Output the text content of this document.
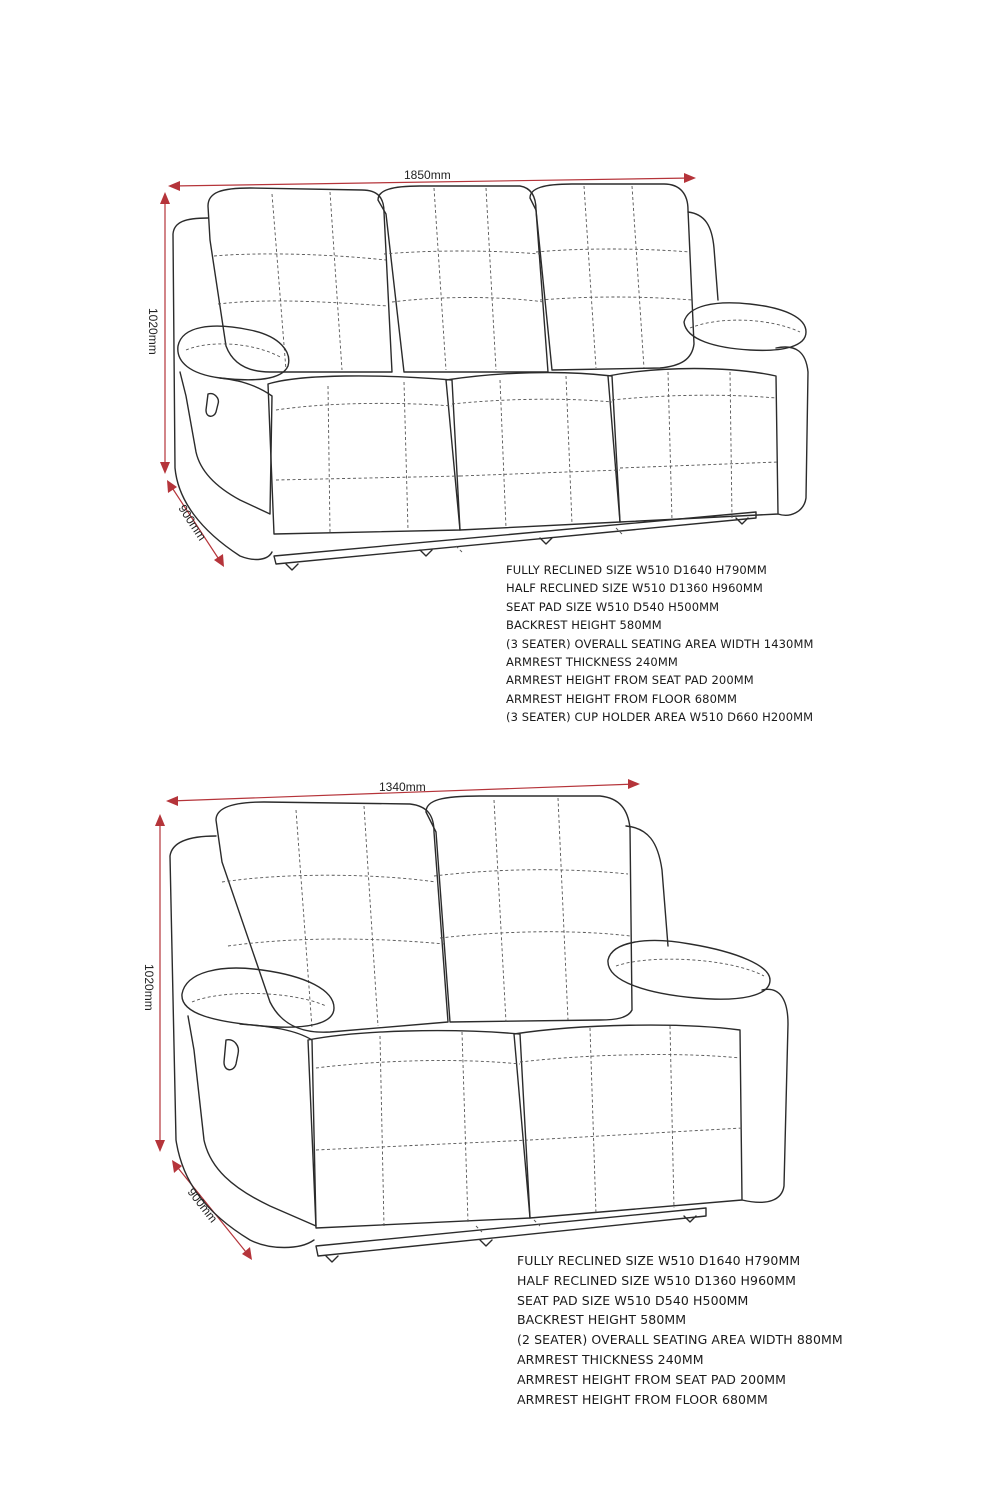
1850mm
1020mm
900mm
1340mm
1020mm
900mm
FULLY RECLINED SIZE W510 D1640 H790MM
HALF RECLINED SIZE W510 D1360 H960MM
SEAT PAD SIZE W510 D540 H500MM
BACKREST HEIGHT 580MM
(3 SEATER) OVERALL SEATING AREA WIDTH 1430MM
ARMREST THICKNESS 240MM
ARMREST HEIGHT FROM SEAT PAD 200MM
ARMREST HEIGHT FROM FLOOR 680MM
(3 SEATER) CUP HOLDER AREA W510 D660 H200MM
FULLY RECLINED SIZE W510 D1640 H790MM
HALF RECLINED SIZE W510 D1360 H960MM
SEAT PAD SIZE W510 D540 H500MM
BACKREST HEIGHT 580MM
(2 SEATER) OVERALL SEATING AREA WIDTH 880MM
ARMREST THICKNESS 240MM
ARMREST HEIGHT FROM SEAT PAD 200MM
ARMREST HEIGHT FROM FLOOR 680MM
